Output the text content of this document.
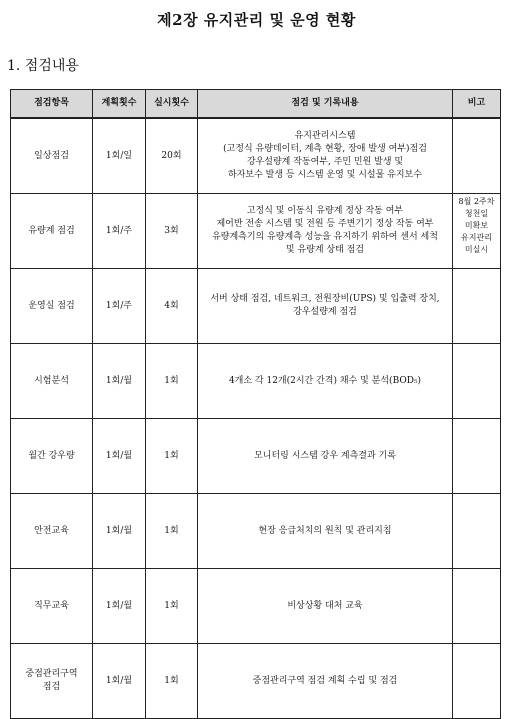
제2장 유지관리 및 운영 현황
1. 점검내용
점검항목	계획횟수	실시횟수	점검 및 기록내용	비고
일상점검	1회/일	20회	유지관리시스템
(고정식 유량데이터, 계측 현황, 장애 발생 여부)점검
강우설량계 작동여부, 주민 민원 발생 및
하자보수 발생 등 시스템 운영 및 시설물 유지보수	
유량계 점검	1회/주	3회	고정식 및 이동식 유량계 정상 작동 여부
제어반 전송 시스템 및 전원 등 주변기기 정상 작동 여부
유량계측기의 유량계측 성능을 유지하기 위하여 센서 세척
및 유량계 상태 점검	8월 2주차
청천일
미확보
유지관리
미실시
운영실 점검	1회/주	4회	서버 상태 점검, 네트워크, 전원장비(UPS) 및 입출력 장치,
강우설량계 점검	
시험분석	1회/월	1회	4개소 각 12개(2시간 간격) 채수 및 분석(BOD₅)	
월간 강우량	1회/월	1회	모니터링 시스템 강우 계측결과 기록	
안전교육	1회/월	1회	현장 응급처치의 원칙 및 관리지침	
직무교육	1회/월	1회	비상상황 대처 교육	
중점관리구역
점검	1회/월	1회	중점관리구역 점검 계획 수립 및 점검	
